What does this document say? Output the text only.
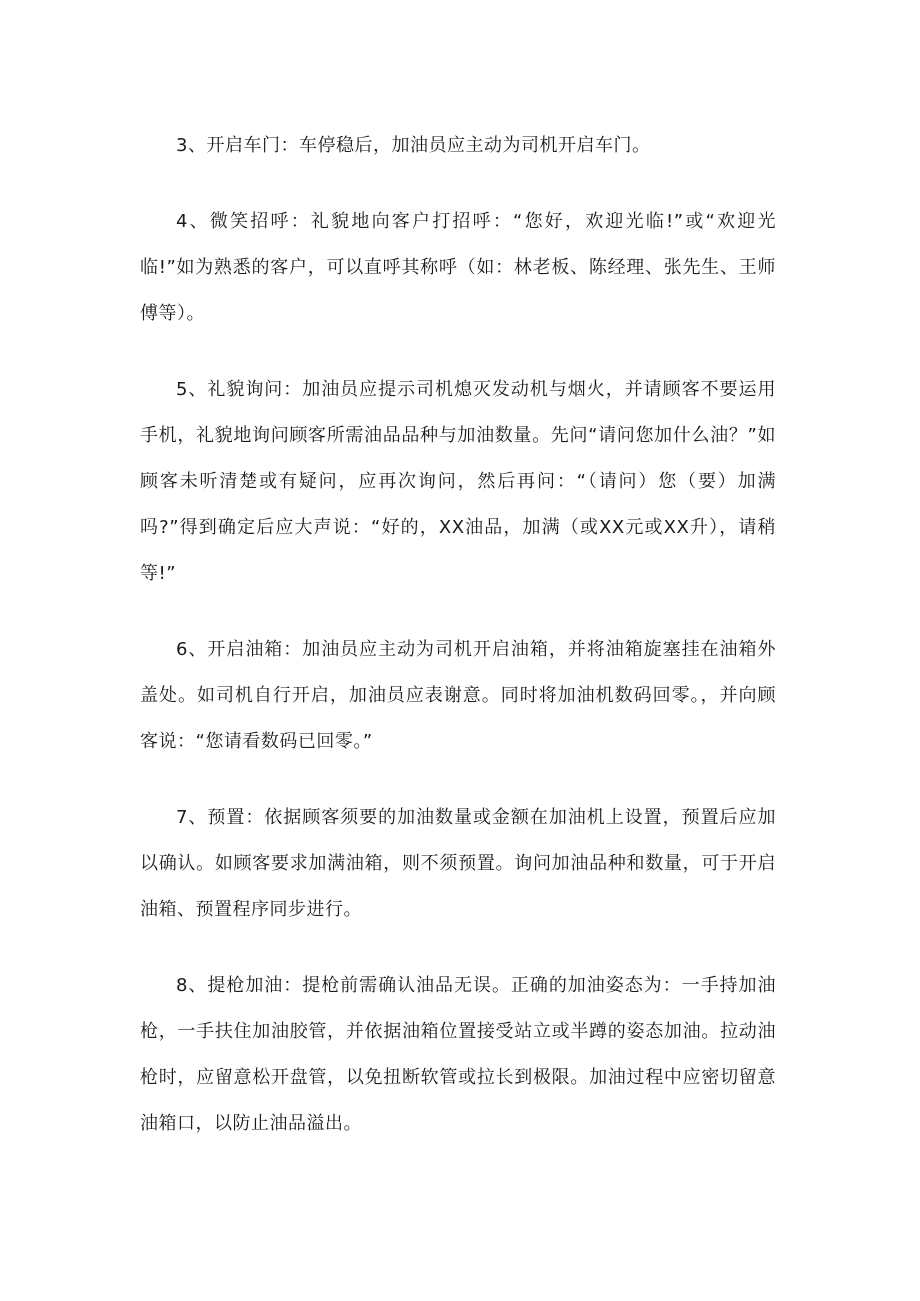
3、开启车门：车停稳后，加油员应主动为司机开启车门。

4、微笑招呼：礼貌地向客户打招呼：“您好，欢迎光临!”或“欢迎光临!”如为熟悉的客户，可以直呼其称呼（如：林老板、陈经理、张先生、王师傅等）。

5、礼貌询问：加油员应提示司机熄灭发动机与烟火，并请顾客不要运用手机，礼貌地询问顾客所需油品品种与加油数量。先问“请问您加什么油？”如顾客未听清楚或有疑问，应再次询问，然后再问：“（请问）您（要）加满吗?”得到确定后应大声说：“好的，XX油品，加满（或XX元或XX升），请稍等!”

6、开启油箱：加油员应主动为司机开启油箱，并将油箱旋塞挂在油箱外盖处。如司机自行开启，加油员应表谢意。同时将加油机数码回零。，并向顾客说：“您请看数码已回零。”

7、预置：依据顾客须要的加油数量或金额在加油机上设置，预置后应加以确认。如顾客要求加满油箱，则不须预置。询问加油品种和数量，可于开启油箱、预置程序同步进行。

8、提枪加油：提枪前需确认油品无误。正确的加油姿态为：一手持加油枪，一手扶住加油胶管，并依据油箱位置接受站立或半蹲的姿态加油。拉动油枪时，应留意松开盘管，以免扭断软管或拉长到极限。加油过程中应密切留意油箱口，以防止油品溢出。
